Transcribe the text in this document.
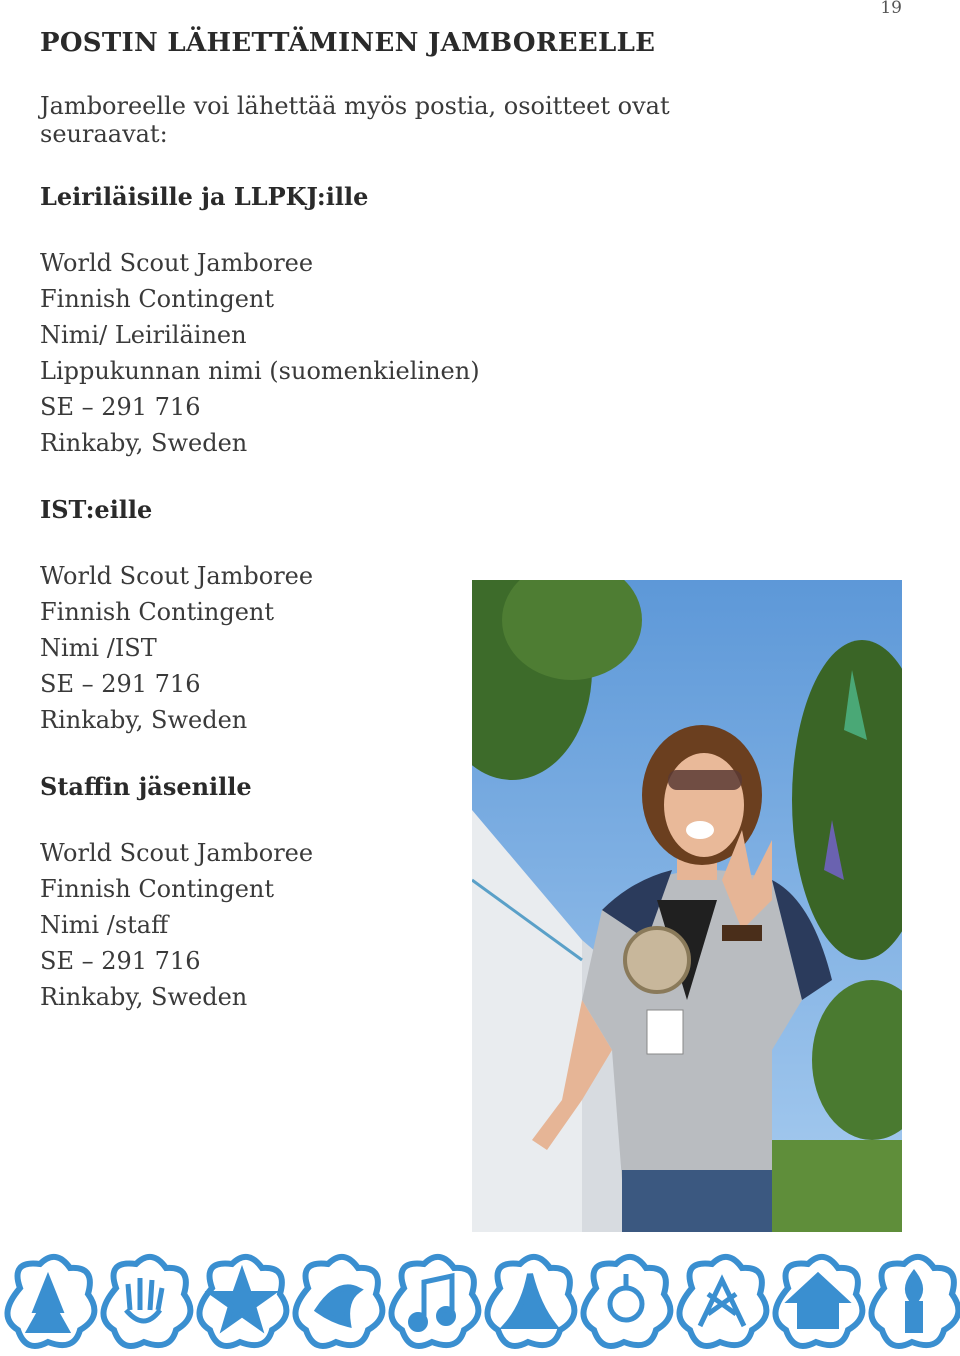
19
POSTIN LÄHETTÄMINEN JAMBOREELLE

Jamboreelle voi lähettää myös postia, osoitteet ovat seuraavat:

Leiriläisille ja LLPKJ:ille
World Scout Jamboree
Finnish Contingent
Nimi/ Leiriläinen
Lippukunnan nimi (suomenkielinen)
SE – 291 716
Rinkaby, Sweden
IST:eille
World Scout Jamboree
Finnish Contingent
Nimi /IST
SE – 291 716
Rinkaby, Sweden
Staffin jäsenille
World Scout Jamboree
Finnish Contingent
Nimi /staff
SE – 291 716
Rinkaby, Sweden
